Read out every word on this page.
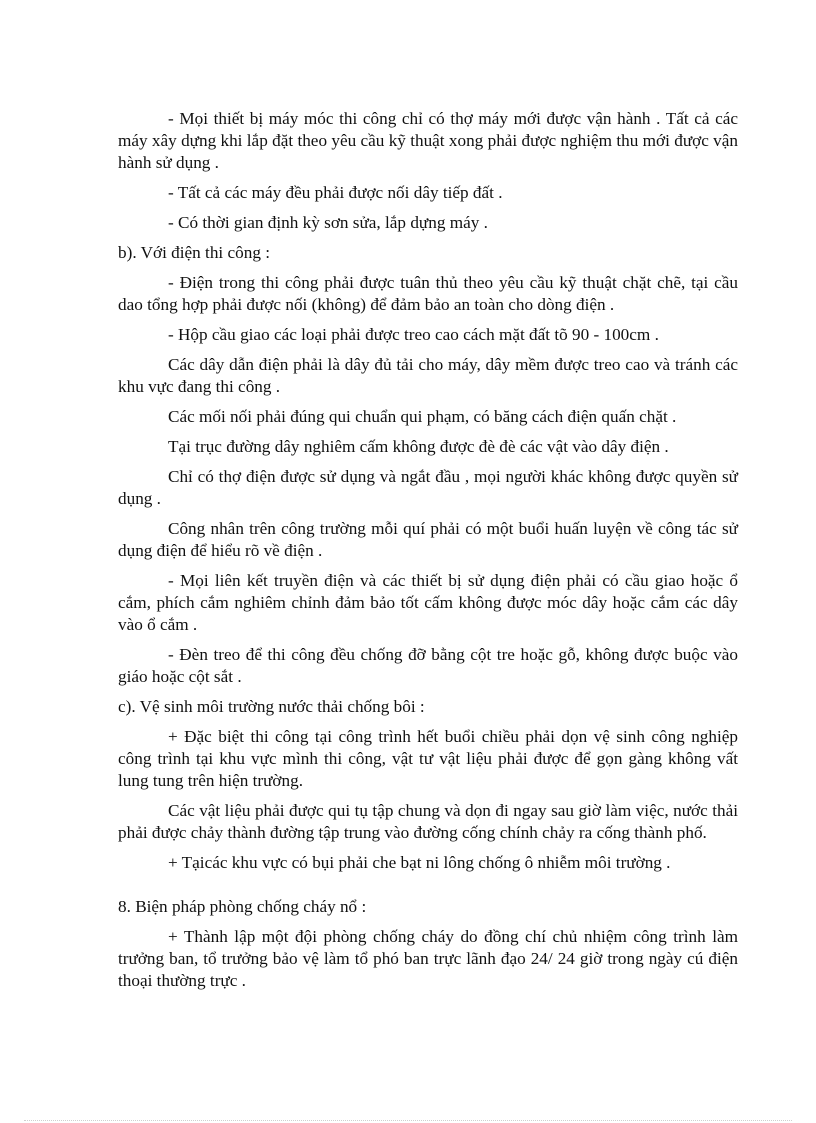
- Mọi thiết bị máy móc thi công chỉ có thợ máy mới được vận hành . Tất cả các máy xây dựng khi lắp đặt theo yêu cầu kỹ thuật xong phải được nghiệm thu mới được vận hành sử dụng .

- Tất cả các máy đều phải được nối dây tiếp đất .

- Có thời gian định kỳ sơn sửa, lắp dựng máy .

b). Với điện thi công :

- Điện trong thi công phải được tuân thủ theo yêu cầu kỹ thuật chặt chẽ, tại cầu dao tổng hợp phải được nối (không) để đảm bảo an toàn cho dòng điện .

- Hộp cầu giao các loại phải được treo cao cách mặt đất tõ 90 - 100cm .

Các dây dẫn điện phải là dây đủ tải cho máy, dây mềm được treo cao và tránh các khu vực đang thi công .

Các mối nối phải đúng qui chuẩn qui phạm, có băng cách điện quấn chặt .

Tại trục đường dây nghiêm cấm không được đè đè các vật vào dây điện .

Chỉ có thợ điện được sử dụng và ngắt đầu , mọi người khác không được quyền sử dụng .

Công nhân trên công trường mỗi quí phải có một buổi huấn luyện về công tác sử dụng điện để hiểu rõ về điện .

- Mọi liên kết truyền điện và các thiết bị sử dụng điện phải có cầu giao hoặc ổ cắm, phích cắm nghiêm chỉnh đảm bảo tốt cấm không được móc dây hoặc cắm các dây vào ổ cắm .

- Đèn treo để thi công đều chống đỡ bằng cột tre hoặc gỗ, không được buộc vào giáo hoặc cột sắt .

c). Vệ sinh môi trường nước thải chống bôi :

+ Đặc biệt thi công tại công trình hết buổi chiều phải dọn vệ sinh công nghiệp công trình tại khu vực mình thi công, vật tư vật liệu phải được để gọn gàng không vất lung tung trên hiện trường.

Các vật liệu phải được qui tụ tập chung và dọn đi ngay sau giờ làm việc, nước thải phải được chảy thành đường tập trung vào đường cống chính chảy ra cống thành phố.

+ Tạicác khu vực có bụi phải che bạt ni lông chống ô nhiễm môi trường .

8. Biện pháp phòng chống cháy nổ :

+ Thành lập một đội phòng chống cháy do đồng chí chủ nhiệm công trình làm trưởng ban, tổ trưởng bảo vệ làm tổ phó ban trực lãnh đạo 24/ 24 giờ trong ngày cú điện thoại thường trực .
